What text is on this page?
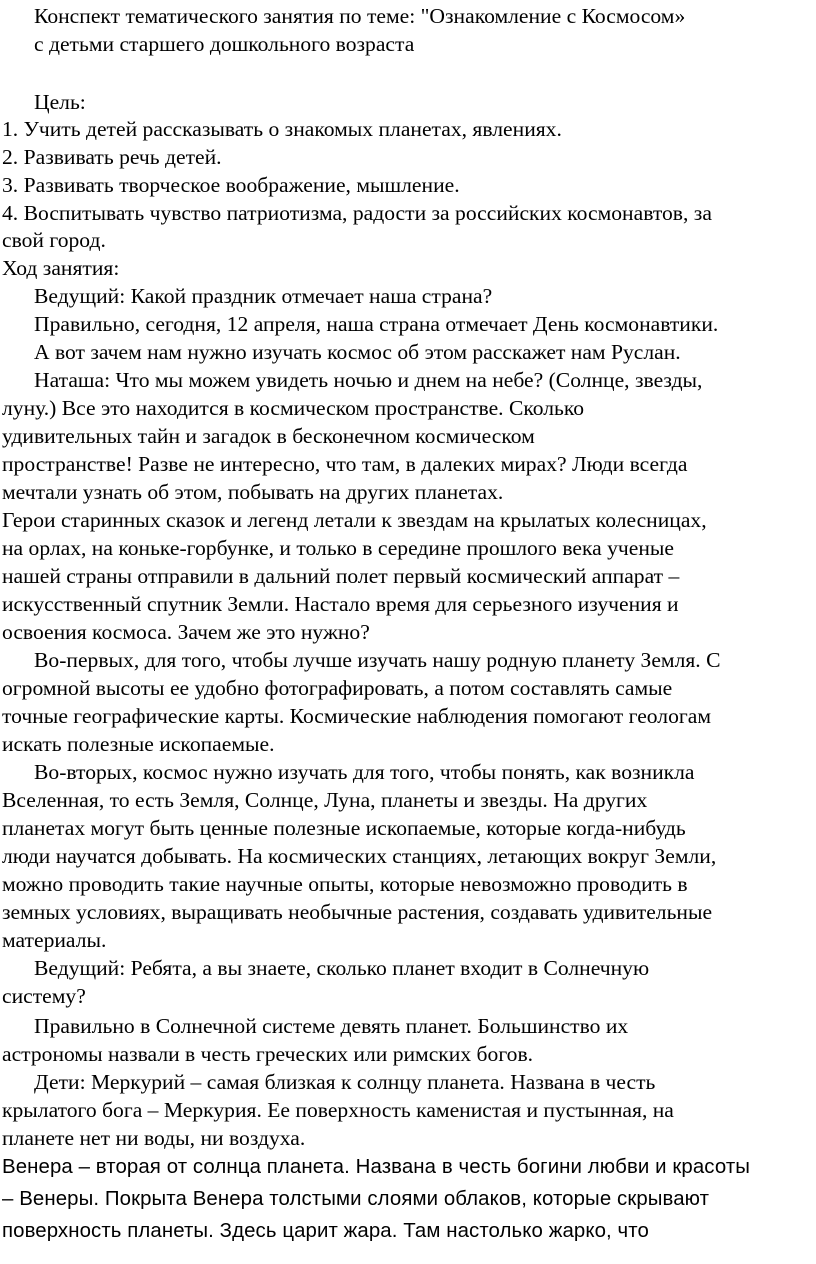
Конспект тематического занятия по теме: "Ознакомление с Космосом»
с детьми старшего дошкольного возраста
Цель:
1. Учить детей рассказывать о знакомых планетах, явлениях.
2. Развивать речь детей.
3. Развивать творческое воображение, мышление.
4. Воспитывать чувство патриотизма, радости за российских космонавтов, за
свой город.
Ход занятия:
Ведущий: Какой праздник отмечает наша страна?
Правильно, сегодня, 12 апреля, наша страна отмечает День космонавтики.
А вот зачем нам нужно изучать космос об этом расскажет нам Руслан.
Наташа: Что мы можем увидеть ночью и днем на небе? (Солнце, звезды,
луну.) Все это находится в космическом пространстве. Сколько
удивительных тайн и загадок в бесконечном космическом
пространстве! Разве не интересно, что там, в далеких мирах? Люди всегда
мечтали узнать об этом, побывать на других планетах.
Герои старинных сказок и легенд летали к звездам на крылатых колесницах,
на орлах, на коньке-горбунке, и только в середине прошлого века ученые
нашей страны отправили в дальний полет первый космический аппарат –
искусственный спутник Земли. Настало время для серьезного изучения и
освоения космоса. Зачем же это нужно?
Во-первых, для того, чтобы лучше изучать нашу родную планету Земля. С
огромной высоты ее удобно фотографировать, а потом составлять самые
точные географические карты. Космические наблюдения помогают геологам
искать полезные ископаемые.
Во-вторых, космос нужно изучать для того, чтобы понять, как возникла
Вселенная, то есть Земля, Солнце, Луна, планеты и звезды. На других
планетах могут быть ценные полезные ископаемые, которые когда-нибудь
люди научатся добывать. На космических станциях, летающих вокруг Земли,
можно проводить такие научные опыты, которые невозможно проводить в
земных условиях, выращивать необычные растения, создавать удивительные
материалы.
Ведущий: Ребята, а вы знаете, сколько планет входит в Солнечную
систему?
Правильно в Солнечной системе девять планет. Большинство их
астрономы назвали в честь греческих или римских богов.
Дети: Меркурий – самая близкая к солнцу планета. Названа в честь
крылатого бога – Меркурия. Ее поверхность каменистая и пустынная, на
планете нет ни воды, ни воздуха.
Венера – вторая от солнца планета. Названа в честь богини любви и красоты
– Венеры. Покрыта Венера толстыми слоями облаков, которые скрывают
поверхность планеты. Здесь царит жара. Там настолько жарко, что
